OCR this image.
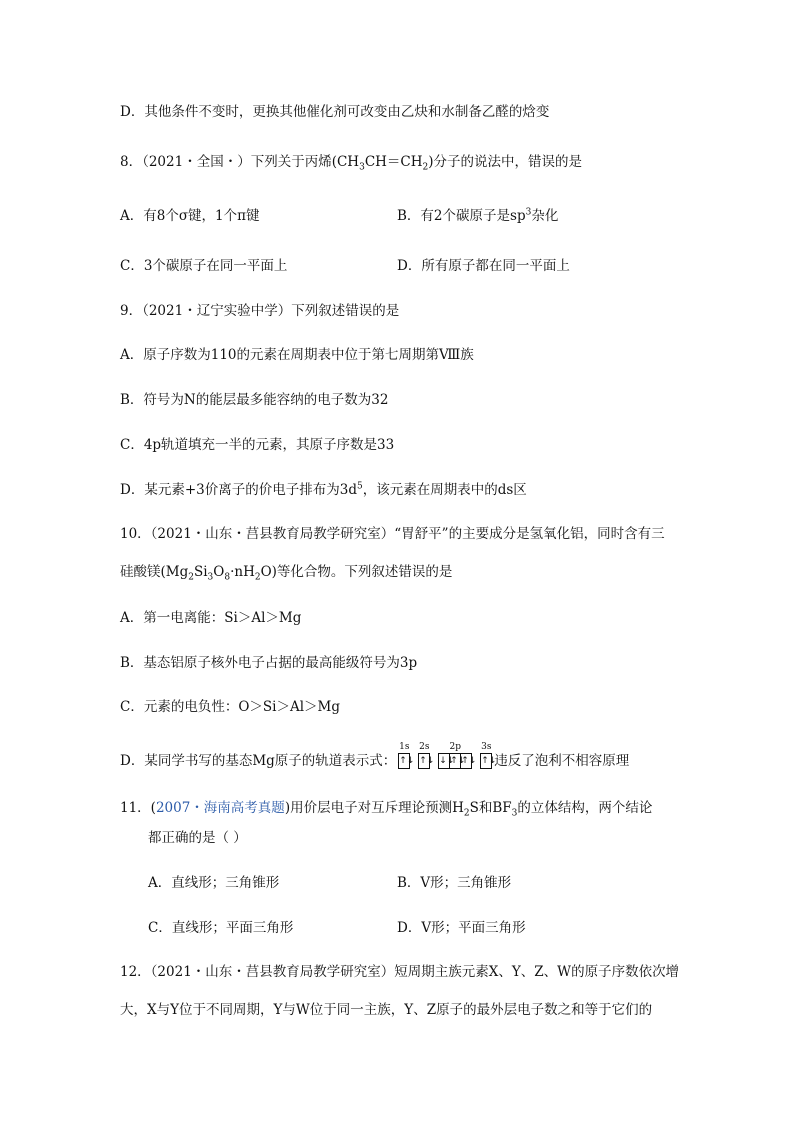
D．其他条件不变时，更换其他催化剂可改变由乙炔和水制备乙醛的焓变
8．（2021・全国・）下列关于丙烯$(CH_3CH=CH_2)$分子的说法中，错误的是
A．有8个σ键，1个π键	B．有2个碳原子是$sp^3$杂化
C．3个碳原子在同一平面上	D．所有原子都在同一平面上
9．（2021・辽宁实验中学）下列叙述错误的是
A．原子序数为110的元素在周期表中位于第七周期第Ⅷ族
B．符号为N的能层最多能容纳的电子数为32
C．4p轨道填充一半的元素，其原子序数是33
D．某元素+3价离子的价电子排布为$3d^5$，该元素在周期表中的ds区
10．（2021・山东・莒县教育局教学研究室）“胃舒平”的主要成分是氢氧化铝，同时含有三
硅酸镁$(Mg_2Si_3O_8\cdot nH_2O)$等化合物。下列叙述错误的是
A．第一电离能：Si＞Al＞Mg
B．基态铝原子核外电子占据的最高能级符号为3p
C．元素的电负性：O＞Si＞Al＞Mg
D．某同学书写的基态Mg原子的轨道表示式：
1s
↑↓
2s
↑↓
2p
↓↓
↑↓
↑↓
3s
↑↓
违反了泡利不相容原理
11．(2007・海南高考真题)用价层电子对互斥理论预测$H_2S$和$BF_3$的立体结构，两个结论
都正确的是（ ）
A．直线形；三角锥形	B．V形；三角锥形
C．直线形；平面三角形	D．V形；平面三角形
12．（2021・山东・莒县教育局教学研究室）短周期主族元素X、Y、Z、W的原子序数依次增
大，X与Y位于不同周期，Y与W位于同一主族，Y、Z原子的最外层电子数之和等于它们的
